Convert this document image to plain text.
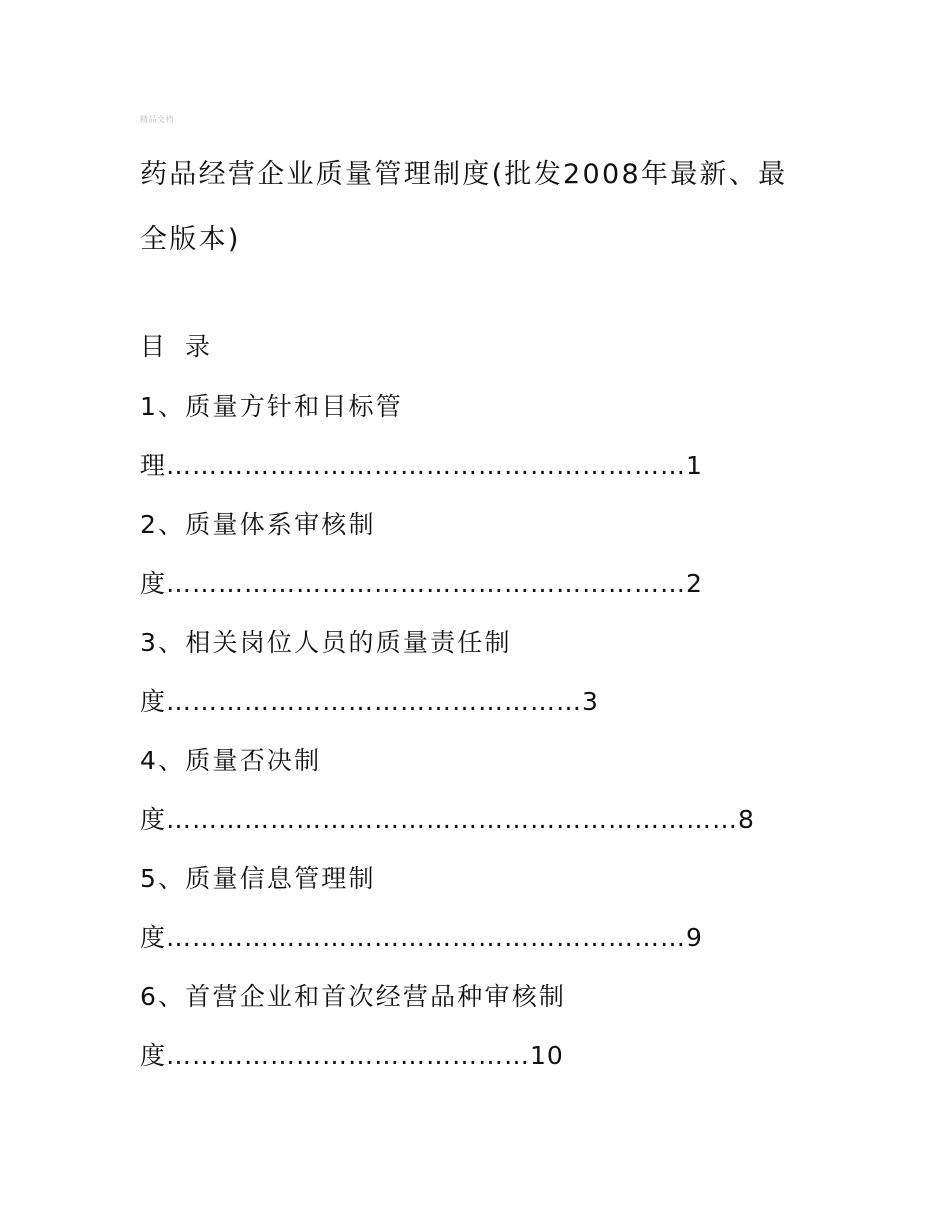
精品文档
药品经营企业质量管理制度(批发2008年最新、最
全版本)
目 录
1、质量方针和目标管
理……………………………………………………1
2、质量体系审核制
度……………………………………………………2
3、相关岗位人员的质量责任制
度…………………………………………3
4、质量否决制
度…………………………………………………………8
5、质量信息管理制
度……………………………………………………9
6、首营企业和首次经营品种审核制
度……………………………………10
